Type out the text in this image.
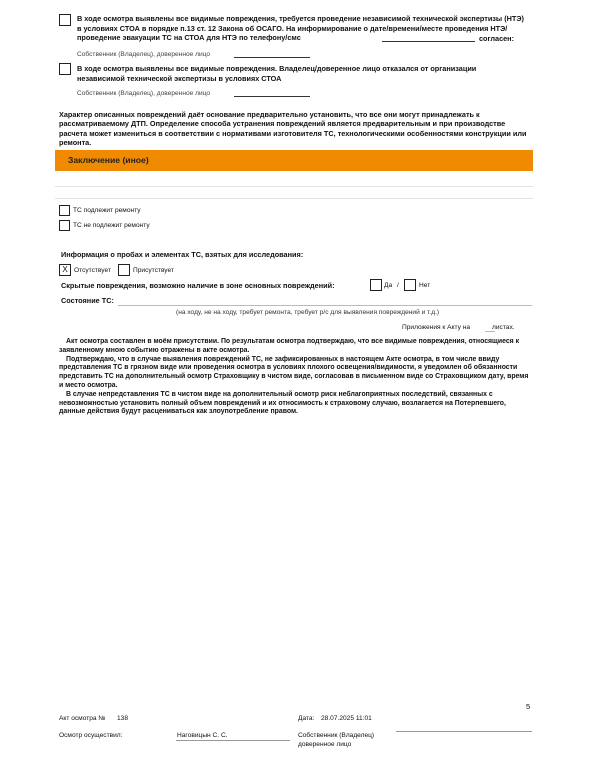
В ходе осмотра выявлены все видимые повреждения, требуется проведение независимой технической экспертизы (НТЭ) в условиях СТОА в порядке п.13 ст. 12 Закона об ОСАГО. На информирование о дате/времени/месте проведения НТЭ/проведение эвакуации ТС на СТОА для НТЭ по телефону/смс	согласен:
Собственник (Владелец), доверенное лицо
В ходе осмотра выявлены все видимые повреждения. Владелец/доверенное лицо отказался от организации независимой технической экспертизы в условиях СТОА
Собственник (Владелец), доверенное лицо
Характер описанных повреждений даёт основание предварительно установить, что все они могут принадлежать к рассматриваемому ДТП. Определение способа устранения повреждений является предварительным и при производстве расчета может измениться в соответствии с нормативами изготовителя ТС, технологическими особенностями конструкции или ремонта.
Заключение (иное)
ТС подлежит ремонту
ТС не подлежит ремонту
Информация о пробах и элементах ТС, взятых для исследования:
X Отсутствует	Присутствует
Скрытые повреждения, возможно наличие в зоне основных повреждений:	Да /	Нет
Состояние ТС:
(на ходу, не на ходу, требует ремонта, требует р/с для выявления повреждений и т.д.)
Приложения к Акту на	листах.
Акт осмотра составлен в моём присутствии. По результатам осмотра подтверждаю, что все видимые повреждения, относящиеся к заявленному мною событию отражены в акте осмотра.
Подтверждаю, что в случае выявления повреждений ТС, не зафиксированных в настоящем Акте осмотра, в том числе ввиду представления ТС в грязном виде или проведения осмотра в условиях плохого освещения/видимости, я уведомлен об обязанности представить ТС на дополнительный осмотр Страховщику в чистом виде, согласовав в письменном виде со Страховщиком дату, время и место осмотра.
В случае непредставления ТС в чистом виде на дополнительный осмотр риск неблагоприятных последствий, связанных с невозможностью установить полный объем повреждений и их относимость к страховому случаю, возлагается на Потерпевшего, данные действия будут расцениваться как злоупотребление правом.
5
Акт осмотра № 138	Дата: 28.07.2025 11:01
Осмотр осуществил:	Наговицын С. С.	Собственник (Владелец)
доверенное лицо
